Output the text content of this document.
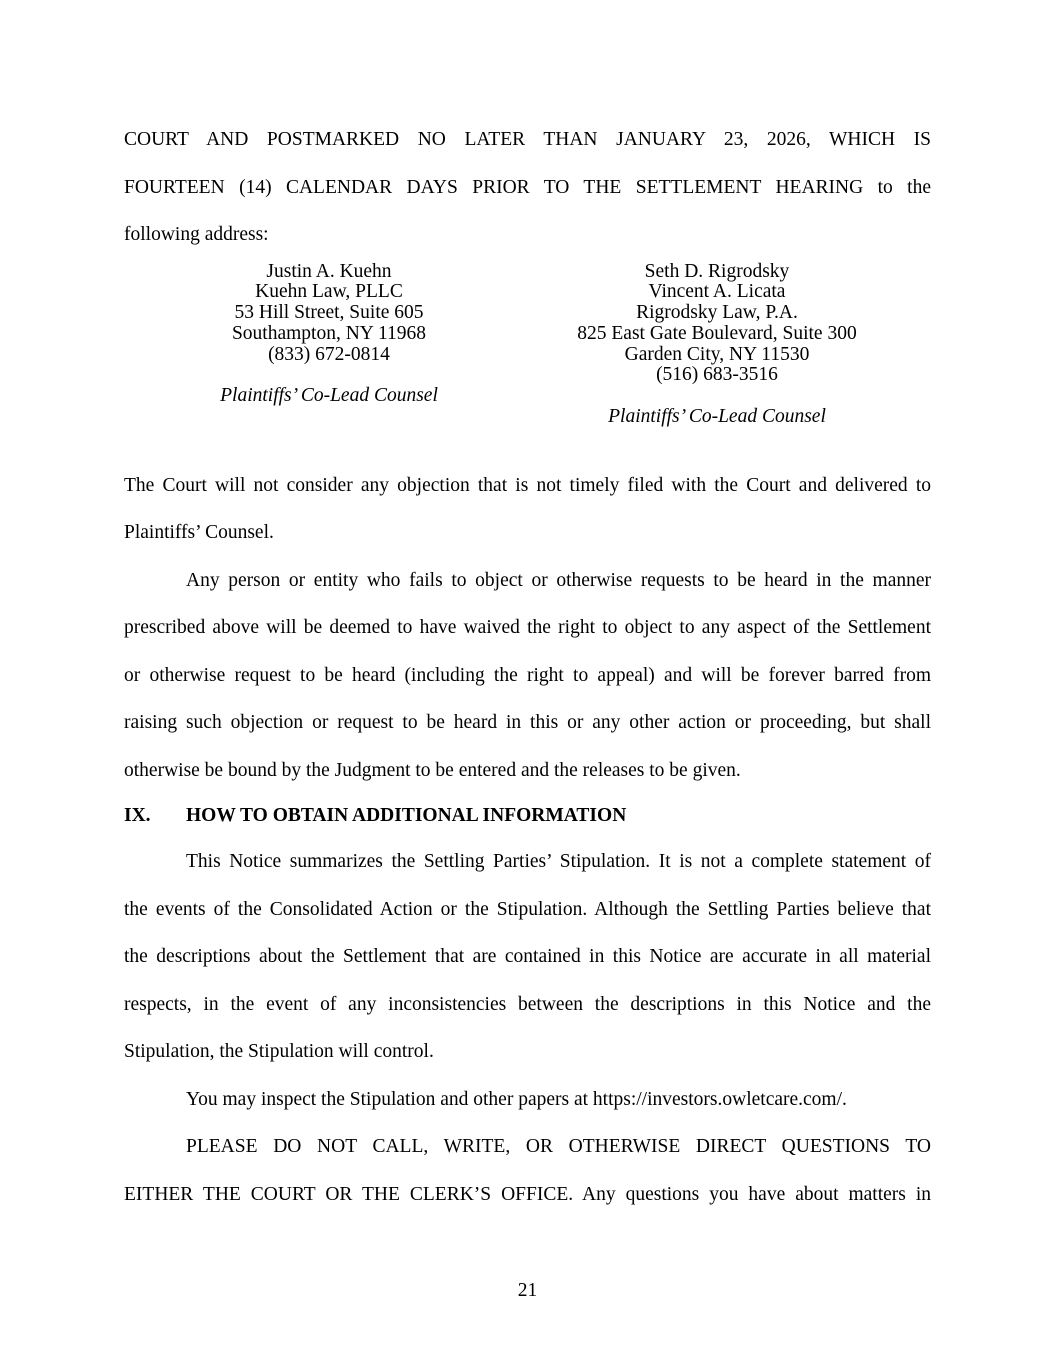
COURT AND POSTMARKED NO LATER THAN JANUARY 23, 2026, WHICH IS
FOURTEEN (14) CALENDAR DAYS PRIOR TO THE SETTLEMENT HEARING to the
following address:
Justin A. Kuehn
Kuehn Law, PLLC
53 Hill Street, Suite 605
Southampton, NY 11968
(833) 672-0814
Plaintiffs’ Co-Lead Counsel
Seth D. Rigrodsky
Vincent A. Licata
Rigrodsky Law, P.A.
825 East Gate Boulevard, Suite 300
Garden City, NY 11530
(516) 683-3516
Plaintiffs’ Co-Lead Counsel
The Court will not consider any objection that is not timely filed with the Court and delivered to
Plaintiffs’ Counsel.
Any person or entity who fails to object or otherwise requests to be heard in the manner
prescribed above will be deemed to have waived the right to object to any aspect of the Settlement
or otherwise request to be heard (including the right to appeal) and will be forever barred from
raising such objection or request to be heard in this or any other action or proceeding, but shall
otherwise be bound by the Judgment to be entered and the releases to be given.
IX. HOW TO OBTAIN ADDITIONAL INFORMATION
This Notice summarizes the Settling Parties’ Stipulation. It is not a complete statement of
the events of the Consolidated Action or the Stipulation. Although the Settling Parties believe that
the descriptions about the Settlement that are contained in this Notice are accurate in all material
respects, in the event of any inconsistencies between the descriptions in this Notice and the
Stipulation, the Stipulation will control.
You may inspect the Stipulation and other papers at https://investors.owletcare.com/.
PLEASE DO NOT CALL, WRITE, OR OTHERWISE DIRECT QUESTIONS TO
EITHER THE COURT OR THE CLERK’S OFFICE. Any questions you have about matters in
21
